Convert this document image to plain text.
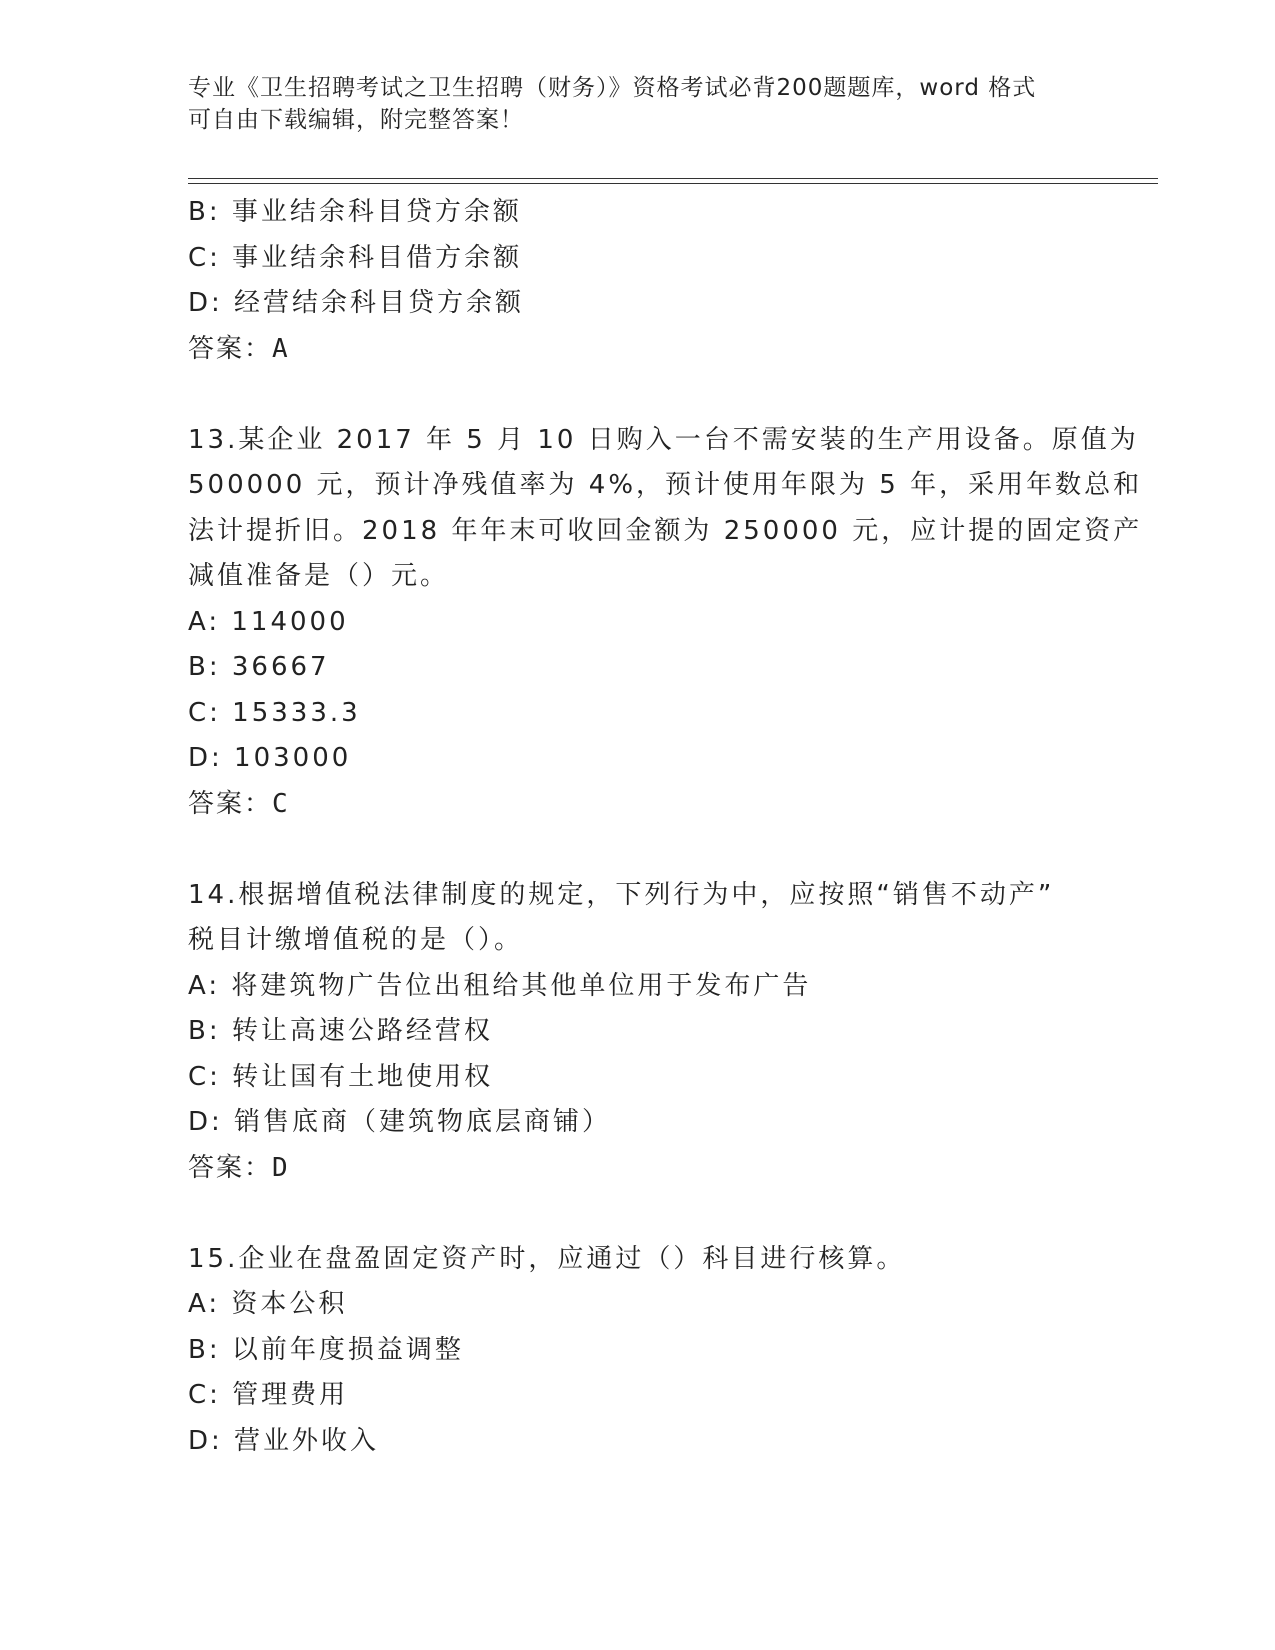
专业《卫生招聘考试之卫生招聘（财务）》资格考试必背200题题库，word 格式
可自由下载编辑，附完整答案！
B: 事业结余科目贷方余额
C: 事业结余科目借方余额
D: 经营结余科目贷方余额
答案：A
13.某企业 2017 年 5 月 10 日购入一台不需安装的生产用设备。原值为
500000 元，预计净残值率为 4%，预计使用年限为 5 年，采用年数总和
法计提折旧。2018 年年末可收回金额为 250000 元，应计提的固定资产
减值准备是（）元。
A: 114000
B: 36667
C: 15333.3
D: 103000
答案：C
14.根据增值税法律制度的规定，下列行为中，应按照“销售不动产”
税目计缴增值税的是（）。
A: 将建筑物广告位出租给其他单位用于发布广告
B: 转让高速公路经营权
C: 转让国有土地使用权
D: 销售底商（建筑物底层商铺）
答案：D
15.企业在盘盈固定资产时，应通过（）科目进行核算。
A: 资本公积
B: 以前年度损益调整
C: 管理费用
D: 营业外收入
